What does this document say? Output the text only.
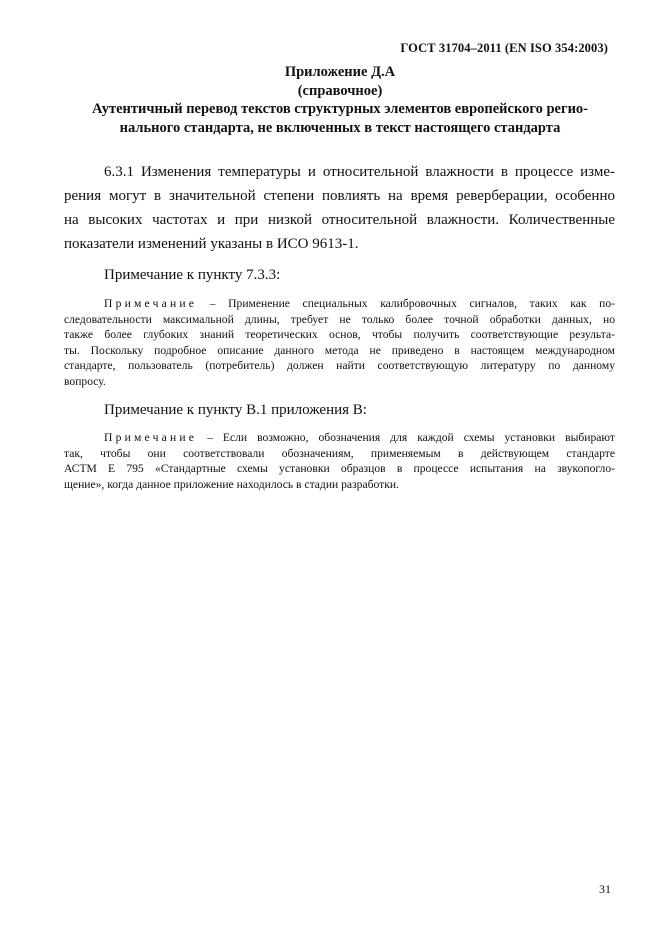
ГОСТ 31704–2011 (EN ISO 354:2003)
Приложение Д.А
(справочное)
Аутентичный перевод текстов структурных элементов европейского регио-
нального стандарта, не включенных в текст настоящего стандарта
6.3.1 Изменения температуры и относительной влажности в процессе изме-
рения могут в значительной степени повлиять на время реверберации, особенно
на высоких частотах и при низкой относительной влажности. Количественные
показатели изменений указаны в ИСО 9613-1.
Примечание к пункту 7.3.3:
Примечание – Применение специальных калибровочных сигналов, таких как по-
следовательности максимальной длины, требует не только более точной обработки данных, но
также более глубоких знаний теоретических основ, чтобы получить соответствующие результа-
ты. Поскольку подробное описание данного метода не приведено в настоящем международном
стандарте, пользователь (потребитель) должен найти соответствующую литературу по данному
вопросу.
Примечание к пункту В.1 приложения В:
Примечание – Если возможно, обозначения для каждой схемы установки выбирают
так, чтобы они соответствовали обозначениям, применяемым в действующем стандарте
АСТМ Е 795 «Стандартные схемы установки образцов в процессе испытания на звукопогло-
щение», когда данное приложение находилось в стадии разработки.
31
